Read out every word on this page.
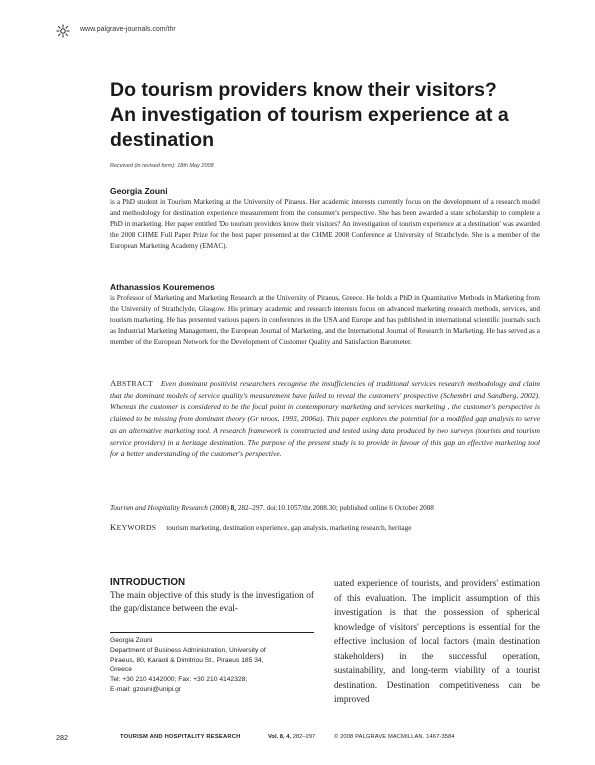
www.palgrave-journals.com/thr
Do tourism providers know their visitors?
An investigation of tourism experience at a
destination
Received (in revised form): 18th May 2008
Georgia Zouni
is a PhD student in Tourism Marketing at the University of Piraeus. Her academic interests currently focus on the development of a research model and methodology for destination experience measurement from the consumer's perspective. She has been awarded a state scholarship to complete a PhD in marketing. Her paper entitled 'Do tourism providers know their visitors? An investigation of tourism experience at a destination' was awarded the 2008 CHME Full Paper Prize for the best paper presented at the CHME 2008 Conference at University of Strathclyde. She is a member of the European Marketing Academy (EMAC).
Athanassios Kouremenos
is Professor of Marketing and Marketing Research at the University of Piraeus, Greece. He holds a PhD in Quantitative Methods in Marketing from the University of Strathclyde, Glasgow. His primary academic and research interests focus on advanced marketing research methods, services, and tourism marketing. He has presented various papers in conferences in the USA and Europe and has published in international scientific journals such as Industrial Marketing Management, the European Journal of Marketing, and the International Journal of Research in Marketing. He has served as a member of the European Network for the Development of Customer Quality and Satisfaction Barometer.
ABSTRACT Even dominant positivist researchers recognise the insufficiencies of traditional services research methodology and claim that the dominant models of service quality's measurement have failed to reveal the customers' prospective (Schembri and Sandberg, 2002). Whereas the customer is considered to be the focal point in contemporary marketing and services marketing , the customer's perspective is claimed to be missing from dominant theory (Gr nroos, 1993, 2006a). This paper explores the potential for a modified gap analysis to serve as an alternative marketing tool. A research framework is constructed and tested using data produced by two surveys (tourists and tourism service providers) in a heritage destination. The purpose of the present study is to provide in favour of this gap an effective marketing tool for a better understanding of the customer's perspective.
Tourism and Hospitality Research (2008) 8, 282–297. doi:10.1057/thr.2008.30; published online 6 October 2008
KEYWORDS tourism marketing, destination experience, gap analysis, marketing research, heritage
INTRODUCTION
The main objective of this study is the investigation of the gap/distance between the eval-
Georgia Zouni
Department of Business Administration, University of
Piraeus, 80, Karaoli & Dimitriou St., Piraeus 185 34,
Greece
Tel: +30 210 4142000; Fax: +30 210 4142328;
E-mail: gzouni@unipi.gr
uated experience of tourists, and providers' estimation of this evaluation. The implicit assumption of this investigation is that the possession of spherical knowledge of visitors' perceptions is essential for the effective inclusion of local factors (main destination stakeholders) in the successful operation, sustainability, and long-term viability of a tourist destination. Destination competitiveness can be improved
282	TOURISM AND HOSPITALITY RESEARCH	Vol. 8, 4, 282–297	© 2008 PALGRAVE MACMILLAN. 1467-3584
